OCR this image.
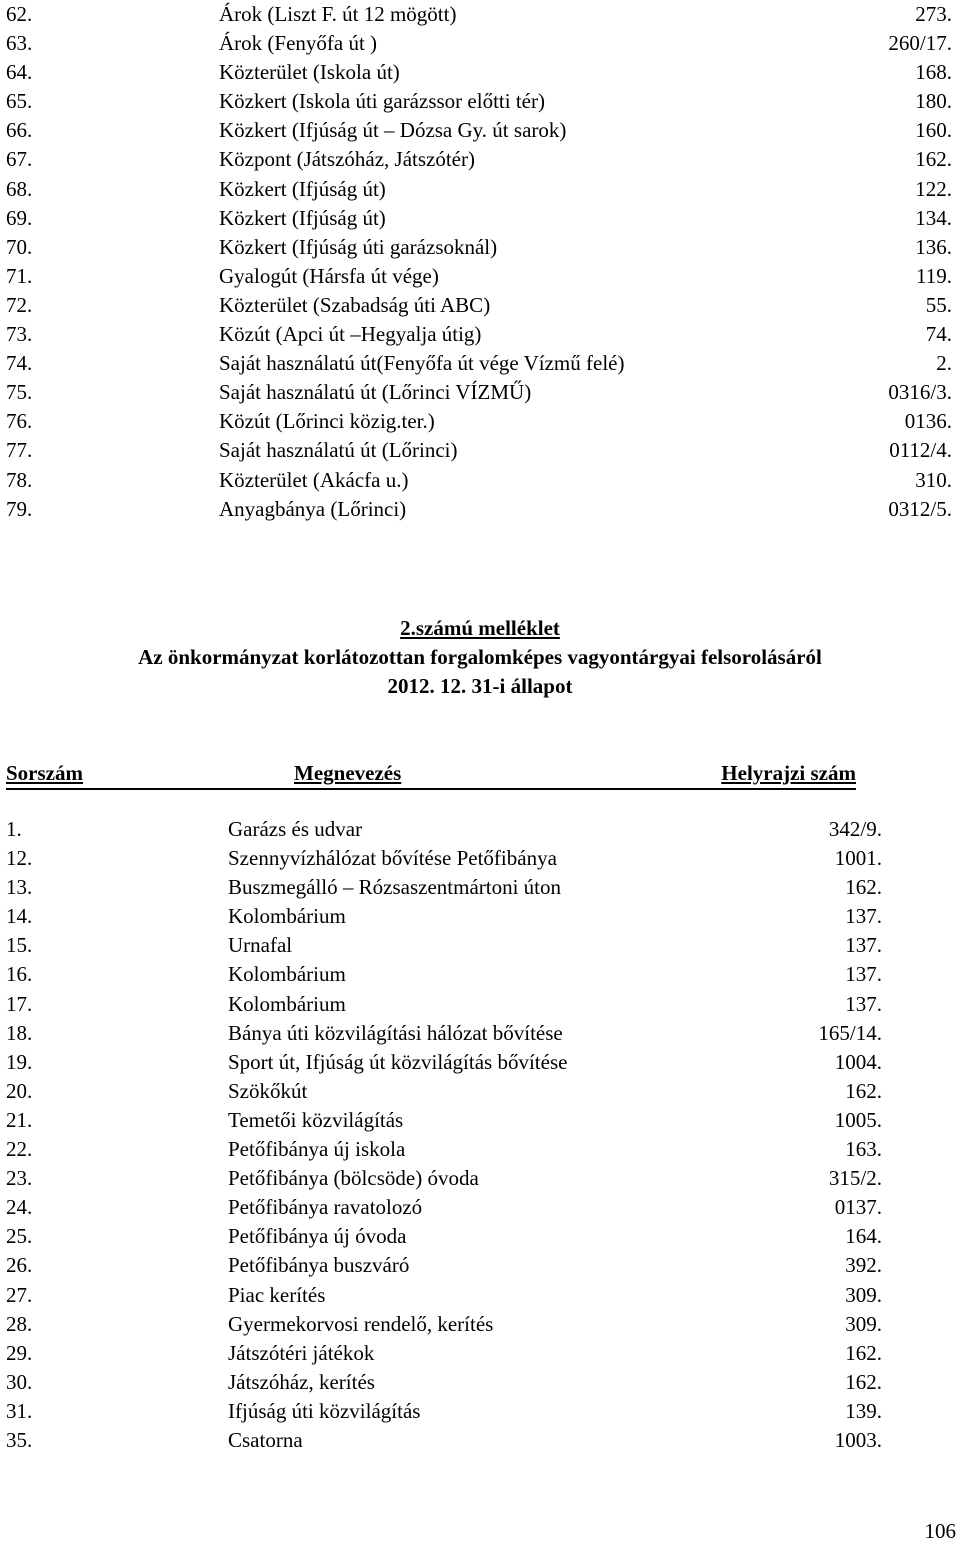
62.	Árok (Liszt F. út 12 mögött)	273.
63.	Árok (Fenyőfa út )	260/17.
64.	Közterület (Iskola út)	168.
65.	Közkert (Iskola úti garázssor előtti tér)	180.
66.	Közkert (Ifjúság út – Dózsa Gy. út sarok)	160.
67.	Központ (Játszóház, Játszótér)	162.
68.	Közkert (Ifjúság út)	122.
69.	Közkert (Ifjúság út)	134.
70.	Közkert (Ifjúság úti garázsoknál)	136.
71.	Gyalogút (Hársfa út vége)	119.
72.	Közterület (Szabadság úti ABC)	55.
73.	Közút (Apci út –Hegyalja útig)	74.
74.	Saját használatú út(Fenyőfa út vége Vízmű felé)	2.
75.	Saját használatú út (Lőrinci VÍZMŰ)	0316/3.
76.	Közút (Lőrinci közig.ter.)	0136.
77.	Saját használatú út (Lőrinci)	0112/4.
78.	Közterület (Akácfa u.)	310.
79.	Anyagbánya (Lőrinci)	0312/5.
2.számú melléklet
Az önkormányzat korlátozottan forgalomképes vagyontárgyai felsorolásáról
2012. 12. 31-i állapot
Sorszám	Megnevezés	Helyrajzi szám
1.	Garázs és udvar	342/9.
12.	Szennyvízhálózat bővítése Petőfibánya	1001.
13.	Buszmegálló – Rózsaszentmártoni úton	162.
14.	Kolombárium	137.
15.	Urnafal	137.
16.	Kolombárium	137.
17.	Kolombárium	137.
18.	Bánya úti közvilágítási hálózat bővítése	165/14.
19.	Sport út, Ifjúság út közvilágítás bővítése	1004.
20.	Szökőkút	162.
21.	Temetői közvilágítás	1005.
22.	Petőfibánya új iskola	163.
23.	Petőfibánya (bölcsöde) óvoda	315/2.
24.	Petőfibánya ravatolozó	0137.
25.	Petőfibánya új óvoda	164.
26.	Petőfibánya buszváró	392.
27.	Piac kerítés	309.
28.	Gyermekorvosi rendelő, kerítés	309.
29.	Játszótéri játékok	162.
30.	Játszóház, kerítés	162.
31.	Ifjúság úti közvilágítás	139.
35.	Csatorna	1003.
106
